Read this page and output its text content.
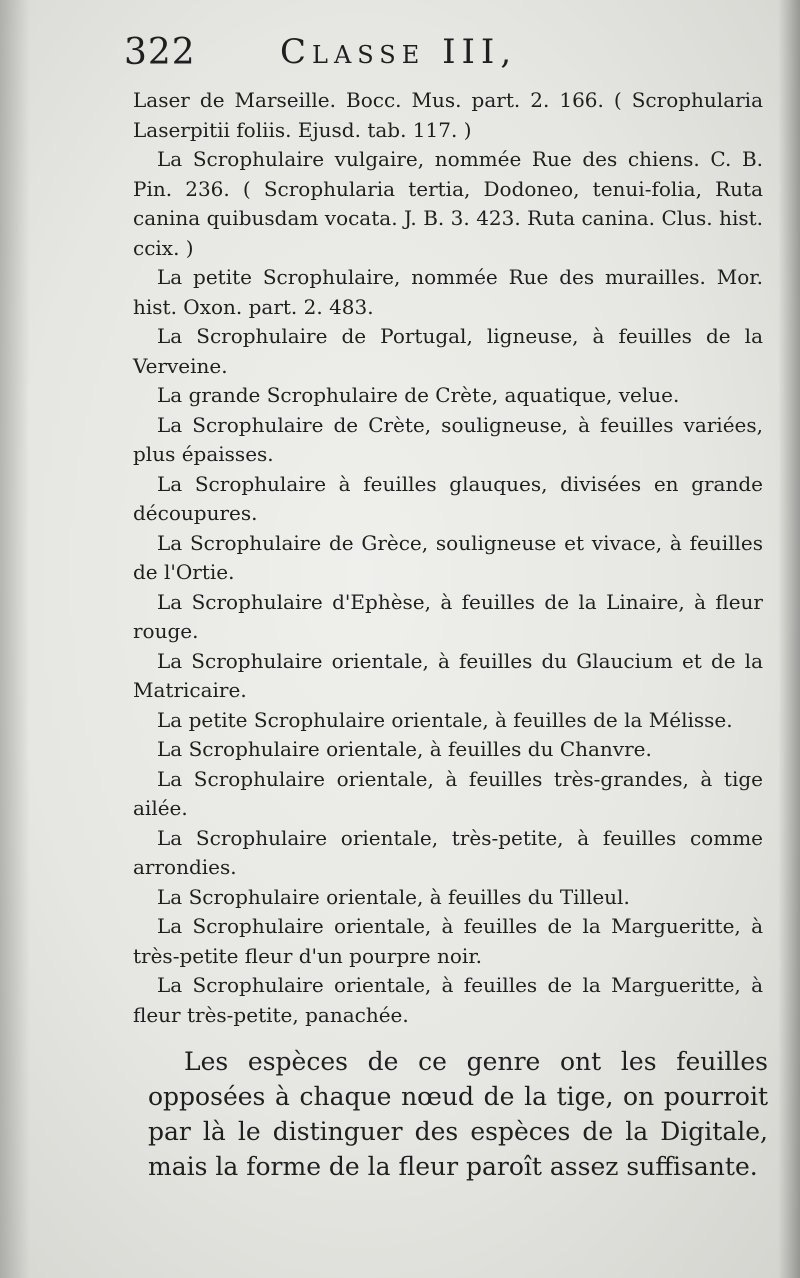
322 Classe III,

Laser de Marseille. Bocc. Mus. part. 2. 166. ( Scrophularia Laserpitii foliis. Ejusd. tab. 117. )

La Scrophulaire vulgaire, nommée Rue des chiens. C. B. Pin. 236. ( Scrophularia tertia, Dodoneo, tenui-folia, Ruta canina quibusdam vocata. J. B. 3. 423. Ruta canina. Clus. hist. ccix. )

La petite Scrophulaire, nommée Rue des murailles. Mor. hist. Oxon. part. 2. 483.

La Scrophulaire de Portugal, ligneuse, à feuilles de la Verveine.

La grande Scrophulaire de Crète, aquatique, velue.

La Scrophulaire de Crète, souligneuse, à feuilles variées, plus épaisses.

La Scrophulaire à feuilles glauques, divisées en grande découpures.

La Scrophulaire de Grèce, souligneuse et vivace, à feuilles de l'Ortie.

La Scrophulaire d'Ephèse, à feuilles de la Linaire, à fleur rouge.

La Scrophulaire orientale, à feuilles du Glaucium et de la Matricaire.

La petite Scrophulaire orientale, à feuilles de la Mélisse.

La Scrophulaire orientale, à feuilles du Chanvre.

La Scrophulaire orientale, à feuilles très-grandes, à tige ailée.

La Scrophulaire orientale, très-petite, à feuilles comme arrondies.

La Scrophulaire orientale, à feuilles du Tilleul.

La Scrophulaire orientale, à feuilles de la Margueritte, à très-petite fleur d'un pourpre noir.

La Scrophulaire orientale, à feuilles de la Margueritte, à fleur très-petite, panachée.

Les espèces de ce genre ont les feuilles opposées à chaque nœud de la tige, on pourroit par là le distinguer des espèces de la Digitale, mais la forme de la fleur paroît assez suffisante.
